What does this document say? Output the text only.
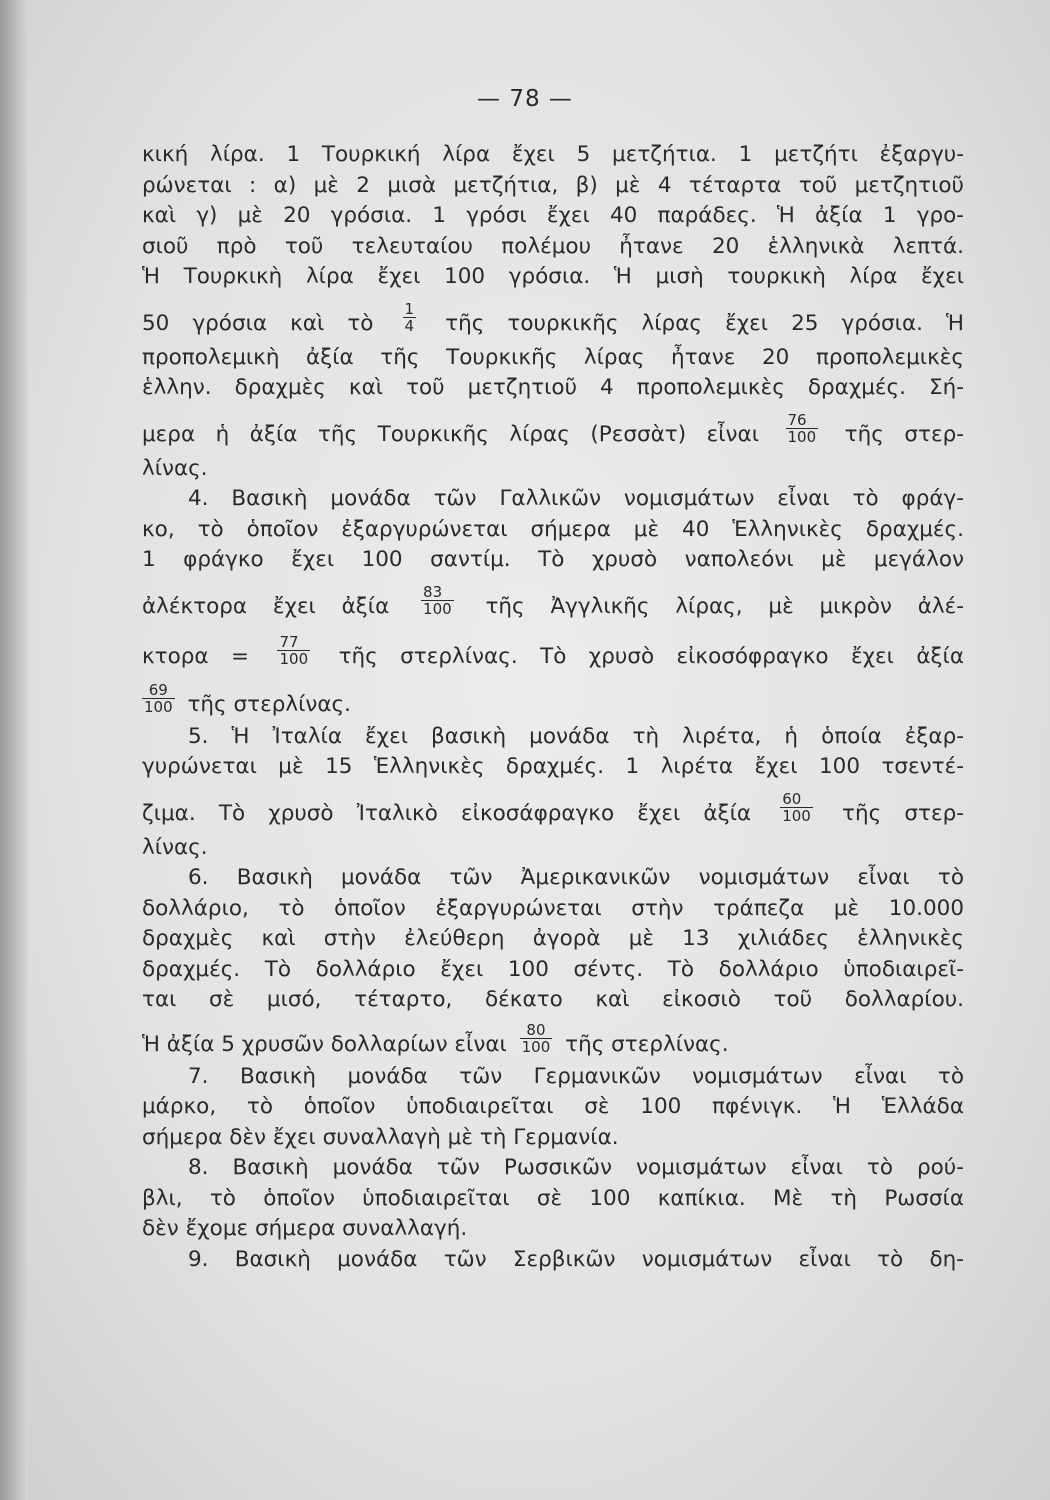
— 78 —
κική λίρα. 1 Τουρκική λίρα ἔχει 5 μετζήτια. 1 μετζήτι ἐξαργυ-
ρώνεται : α) μὲ 2 μισὰ μετζήτια, β) μὲ 4 τέταρτα τοῦ μετζητιοῦ
καὶ γ) μὲ 20 γρόσια. 1 γρόσι ἔχει 40 παράδες. Ἡ ἀξία 1 γρο-
σιοῦ πρὸ τοῦ τελευταίου πολέμου ἦτανε 20 ἑλληνικὰ λεπτά.
Ἡ Τουρκικὴ λίρα ἔχει 100 γρόσια. Ἡ μισὴ τουρκικὴ λίρα ἔχει
50 γρόσια καὶ τὸ $\frac{1}{4}$ τῆς τουρκικῆς λίρας ἔχει 25 γρόσια. Ἡ
προπολεμικὴ ἀξία τῆς Τουρκικῆς λίρας ἦτανε 20 προπολεμικὲς
ἑλλην. δραχμὲς καὶ τοῦ μετζητιοῦ 4 προπολεμικὲς δραχμές. Σή-
μερα ἡ ἀξία τῆς Τουρκικῆς λίρας (Ρεσσὰτ) εἶναι $\frac{76}{100}$ τῆς στερ-
λίνας.
4. Βασικὴ μονάδα τῶν Γαλλικῶν νομισμάτων εἶναι τὸ φράγ-
κο, τὸ ὁποῖον ἐξαργυρώνεται σήμερα μὲ 40 Ἑλληνικὲς δραχμές.
1 φράγκο ἔχει 100 σαντίμ. Τὸ χρυσὸ ναπολεόνι μὲ μεγάλον
ἀλέκτορα ἔχει ἀξία $\frac{83}{100}$ τῆς Ἀγγλικῆς λίρας, μὲ μικρὸν ἀλέ-
$\kappa\tau o\rho\alpha = \frac{77}{100}$ τῆς στερλίνας. Τὸ χρυσὸ εἰκοσόφραγκο ἔχει ἀξία
$\frac{69}{100}$ τῆς στερλίνας.
5. Ἡ Ἰταλία ἔχει βασικὴ μονάδα τὴ λιρέτα, ἡ ὁποία ἐξαρ-
γυρώνεται μὲ 15 Ἑλληνικὲς δραχμές. 1 λιρέτα ἔχει 100 τσεντέ-
ζιμα. Τὸ χρυσὸ Ἰταλικὸ εἰκοσάφραγκο ἔχει ἀξία $\frac{60}{100}$ τῆς στερ-
λίνας.
6. Βασικὴ μονάδα τῶν Ἀμερικανικῶν νομισμάτων εἶναι τὸ
δολλάριο, τὸ ὁποῖον ἐξαργυρώνεται στὴν τράπεζα μὲ 10.000
δραχμὲς καὶ στὴν ἐλεύθερη ἀγορὰ μὲ 13 χιλιάδες ἑλληνικὲς
δραχμές. Τὸ δολλάριο ἔχει 100 σέντς. Τὸ δολλάριο ὑποδιαιρεῖ-
ται σὲ μισό, τέταρτο, δέκατο καὶ εἰκοσιὸ τοῦ δολλαρίου.
Ἡ ἀξία 5 χρυσῶν δολλαρίων εἶναι $\frac{80}{100}$ τῆς στερλίνας.
7. Βασικὴ μονάδα τῶν Γερμανικῶν νομισμάτων εἶναι τὸ
μάρκο, τὸ ὁποῖον ὑποδιαιρεῖται σὲ 100 πφένιγκ. Ἡ Ἑλλάδα
σήμερα δὲν ἔχει συναλλαγὴ μὲ τὴ Γερμανία.
8. Βασικὴ μονάδα τῶν Ρωσσικῶν νομισμάτων εἶναι τὸ ρού-
βλι, τὸ ὁποῖον ὑποδιαιρεῖται σὲ 100 καπίκια. Μὲ τὴ Ρωσσία
δὲν ἔχομε σήμερα συναλλαγή.
9. Βασικὴ μονάδα τῶν Σερβικῶν νομισμάτων εἶναι τὸ δη-
